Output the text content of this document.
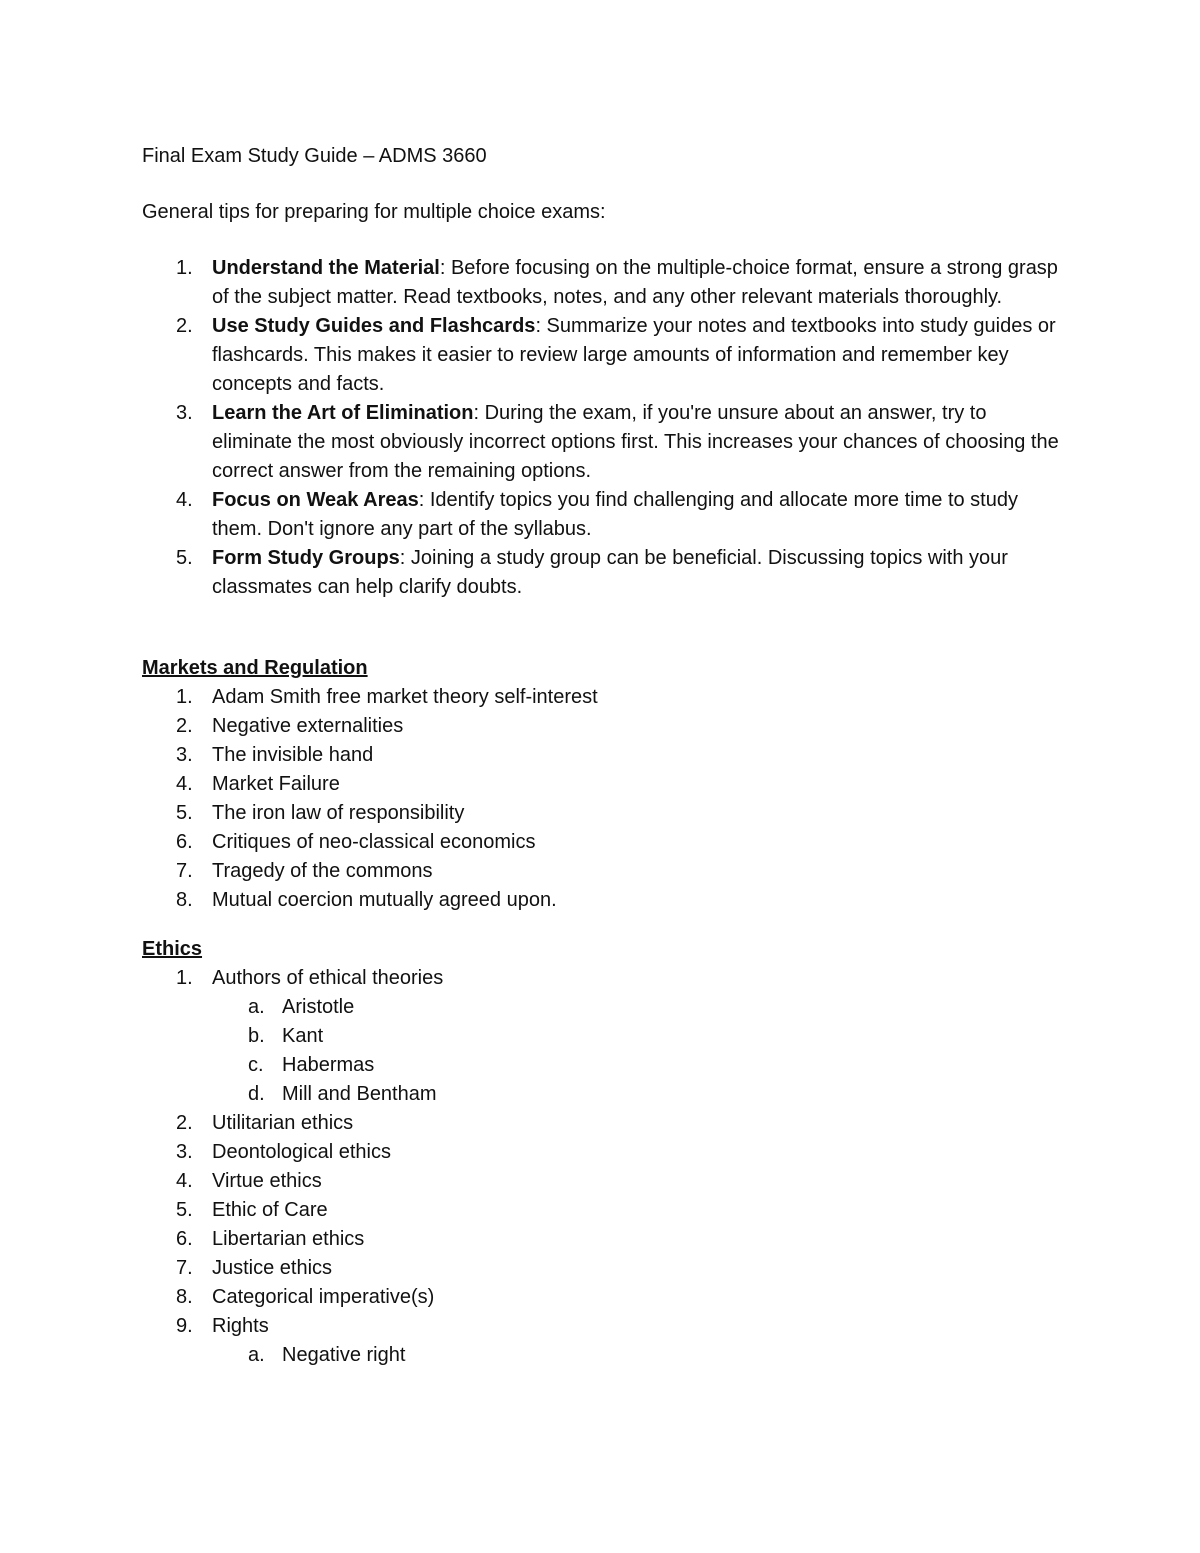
Final Exam Study Guide – ADMS 3660

General tips for preparing for multiple choice exams:

1. Understand the Material: Before focusing on the multiple-choice format, ensure a strong grasp of the subject matter. Read textbooks, notes, and any other relevant materials thoroughly.
2. Use Study Guides and Flashcards: Summarize your notes and textbooks into study guides or flashcards. This makes it easier to review large amounts of information and remember key concepts and facts.
3. Learn the Art of Elimination: During the exam, if you're unsure about an answer, try to eliminate the most obviously incorrect options first. This increases your chances of choosing the correct answer from the remaining options.
4. Focus on Weak Areas: Identify topics you find challenging and allocate more time to study them. Don't ignore any part of the syllabus.
5. Form Study Groups: Joining a study group can be beneficial. Discussing topics with your classmates can help clarify doubts.
Markets and Regulation
1. Adam Smith free market theory self-interest
2. Negative externalities
3. The invisible hand
4. Market Failure
5. The iron law of responsibility
6. Critiques of neo-classical economics
7. Tragedy of the commons
8. Mutual coercion mutually agreed upon.
Ethics
1. Authors of ethical theories
a. Aristotle
b. Kant
c. Habermas
d. Mill and Bentham
2. Utilitarian ethics
3. Deontological ethics
4. Virtue ethics
5. Ethic of Care
6. Libertarian ethics
7. Justice ethics
8. Categorical imperative(s)
9. Rights
a. Negative right
